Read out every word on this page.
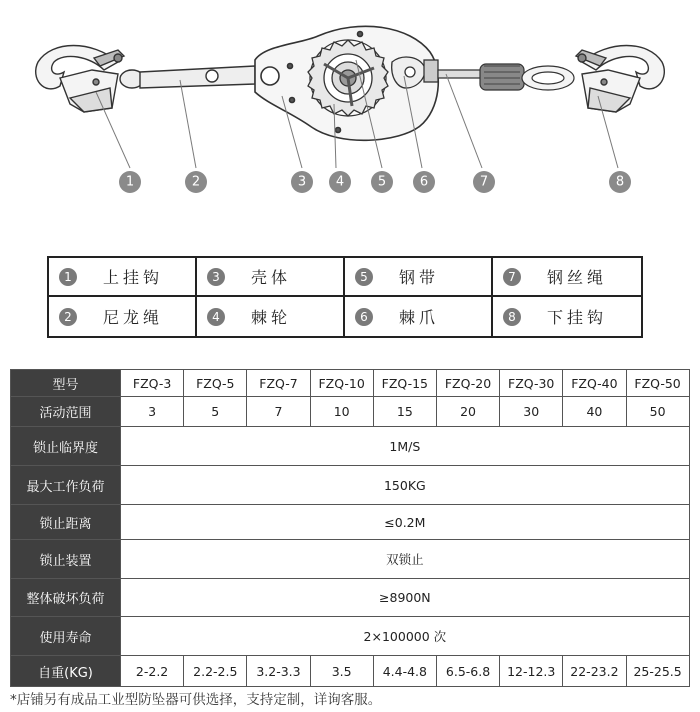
1	2	3 4	5	6	7	8
1	上挂钩	3	壳体	5	钢带	7	钢丝绳
2	尼龙绳	4	棘轮	6	棘爪	8	下挂钩
型号	FZQ-3	FZQ-5	FZQ-7	FZQ-10	FZQ-15	FZQ-20	FZQ-30	FZQ-40	FZQ-50
活动范围	3	5	7	10	15	20	30	40	50
锁止临界度	1M/S								
最大工作负荷	150KG								
锁止距离	≤0.2M								
锁止装置	双锁止								
整体破坏负荷	≥8900N								
使用寿命	2×100000 次								
自重(KG)	2-2.2	2.2-2.5	3.2-3.3	3.5	4.4-4.8	6.5-6.8	12-12.3	22-23.2	25-25.5
*店铺另有成品工业型防坠器可供选择，支持定制，详询客服。
